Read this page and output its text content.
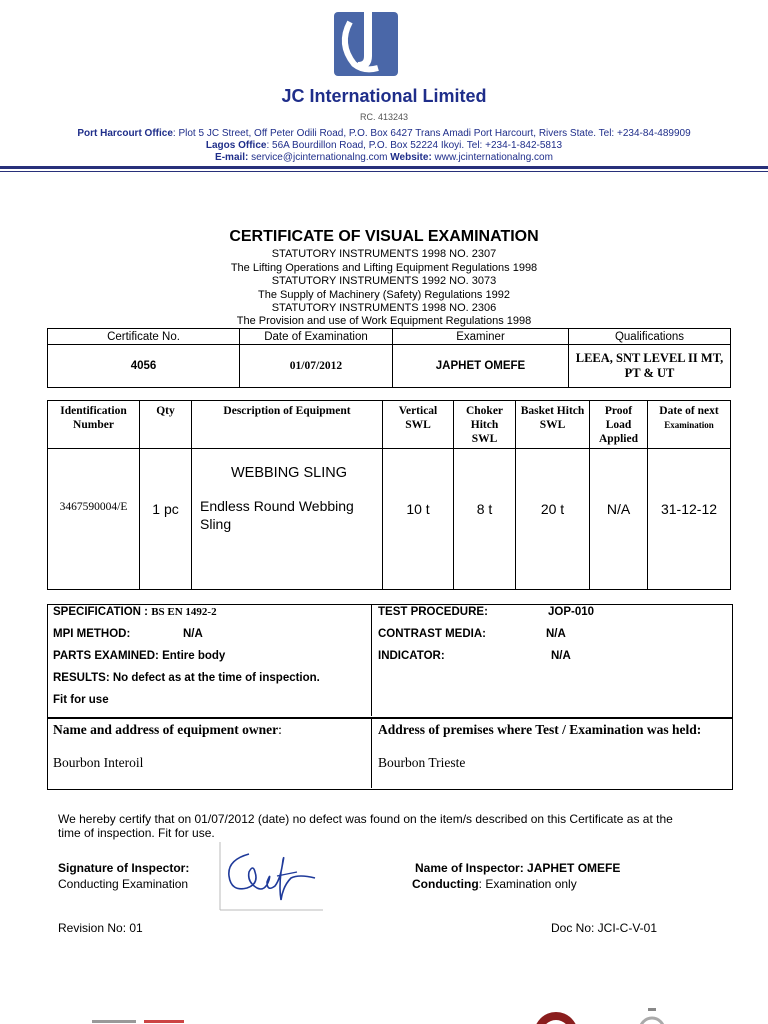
JC International Limited
RC. 413243
Port Harcourt Office: Plot 5 JC Street, Off Peter Odili Road, P.O. Box 6427 Trans Amadi Port Harcourt, Rivers State. Tel: +234-84-489909
Lagos Office: 56A Bourdillon Road, P.O. Box 52224 Ikoyi. Tel: +234-1-842-5813
E-mail: service@jcinternationalng.com Website: www.jcinternationalng.com
CERTIFICATE OF VISUAL EXAMINATION
STATUTORY INSTRUMENTS 1998 NO. 2307
The Lifting Operations and Lifting Equipment Regulations 1998
STATUTORY INSTRUMENTS 1992 NO. 3073
The Supply of Machinery (Safety) Regulations 1992
STATUTORY INSTRUMENTS 1998 NO. 2306
The Provision and use of Work Equipment Regulations 1998
Certificate No.	Date of Examination	Examiner	Qualifications
4056	01/07/2012	JAPHET OMEFE	LEEA, SNT LEVEL II MT, PT & UT
Identification Number	Qty	Description of Equipment	Vertical SWL	Choker Hitch SWL	Basket Hitch SWL	Proof Load Applied	Date of next
Examination

3467590004/E	1 pc	WEBBING SLING
Endless Round Webbing Sling	10 t	8 t	20 t	N/A	31-12-12
SPECIFICATION : BS EN 1492-2
MPI METHOD:	N/A
PARTS EXAMINED: Entire body
RESULTS: No defect as at the time of inspection.
Fit for use
TEST PROCEDURE:	JOP-010
CONTRAST MEDIA:	N/A
INDICATOR:	N/A
Name and address of equipment owner:
Bourbon Interoil
Address of premises where Test / Examination was held:
Bourbon Trieste
We hereby certify that on 01/07/2012 (date) no defect was found on the item/s described on this Certificate as at the
time of inspection. Fit for use.
Signature of Inspector:
Conducting Examination
Name of Inspector: JAPHET OMEFE
Conducting: Examination only
Revision No: 01	Doc No: JCI-C-V-01
